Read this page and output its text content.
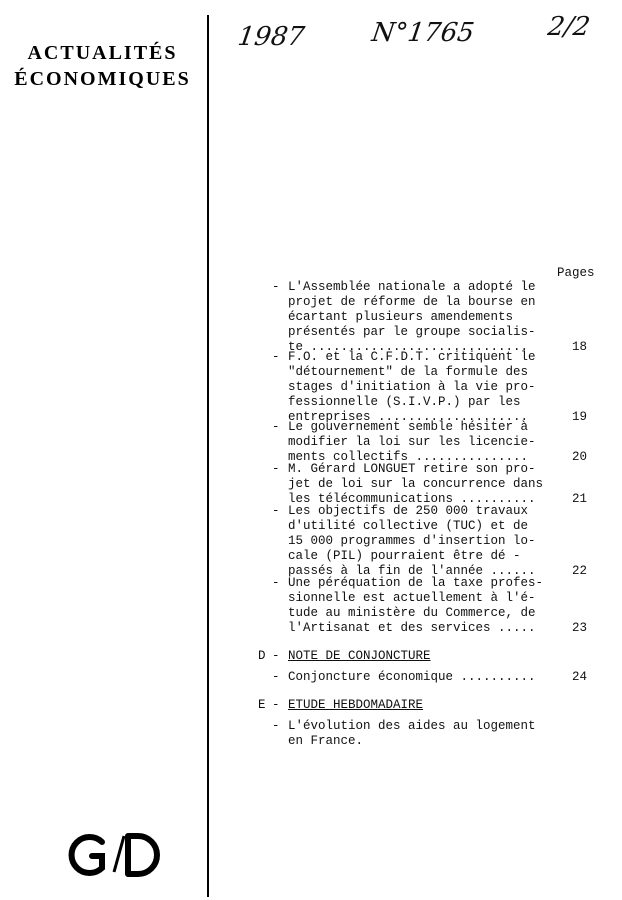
ACTUALITÉS
ÉCONOMIQUES
1987 N°1765	2/2
Pages
- L'Assemblée nationale a adopté le
projet de réforme de la bourse en
écartant plusieurs amendements
présentés par le groupe socialis-
te .............................	18
- F.O. et la C.F.D.T. critiquent le
"détournement" de la formule des
stages d'initiation à la vie pro-
fessionnelle (S.I.V.P.) par les
entreprises ....................	19
- Le gouvernement semble hésiter à
modifier la loi sur les licencie-
ments collectifs ...............	20
- M. Gérard LONGUET retire son pro-
jet de loi sur la concurrence dans
les télécommunications ..........	21
- Les objectifs de 250 000 travaux
d'utilité collective (TUC) et de
15 000 programmes d'insertion lo-
cale (PIL) pourraient être dé -
passés à la fin de l'année ......	22
- Une péréquation de la taxe profes-
sionnelle est actuellement à l'é-
tude au ministère du Commerce, de
l'Artisanat et des services .....	23
D - NOTE DE CONJONCTURE
- Conjoncture économique ..........	24
E - ETUDE HEBDOMADAIRE
- L'évolution des aides au logement
en France.
